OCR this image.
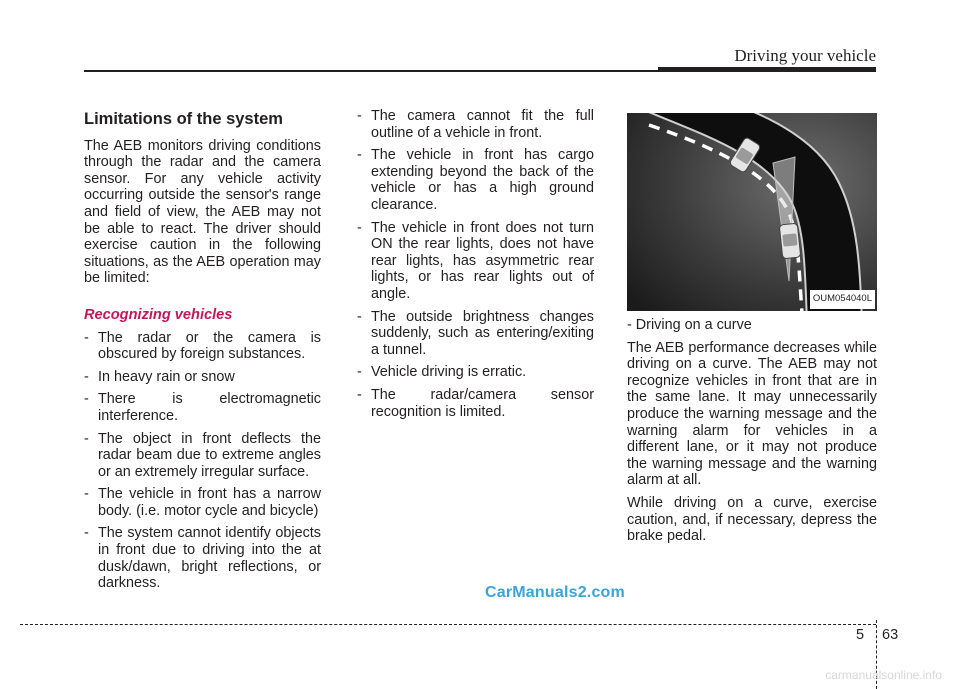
Driving your vehicle
Limitations of the system

The AEB monitors driving conditions through the radar and the camera sensor. For any vehicle activity occurring outside the sensor's range and field of view, the AEB may not be able to react. The driver should exercise caution in the following situations, as the AEB operation may be limited:

Recognizing vehicles
- The radar or the camera is obscured by foreign substances.
- In heavy rain or snow
- There is electromagnetic interference.
- The object in front deflects the radar beam due to extreme angles or an extremely irregular surface.
- The vehicle in front has a narrow body. (i.e. motor cycle and bicycle)
- The system cannot identify objects in front due to driving into the at dusk/dawn, bright reflections, or darkness.
- The camera cannot fit the full outline of a vehicle in front.
- The vehicle in front has cargo extending beyond the back of the vehicle or has a high ground clearance.
- The vehicle in front does not turn ON the rear lights, does not have rear lights, has asymmetric rear lights, or has rear lights out of angle.
- The outside brightness changes suddenly, such as entering/exiting a tunnel.
- Vehicle driving is erratic.
- The radar/camera sensor recognition is limited.
OUM054040L

- Driving on a curve

The AEB performance decreases while driving on a curve. The AEB may not recognize vehicles in front that are in the same lane. It may unnecessarily produce the warning message and the warning alarm for vehicles in a different lane, or it may not produce the warning message and the warning alarm at all.

While driving on a curve, exercise caution, and, if necessary, depress the brake pedal.

CarManuals2.com
5 63
carmanualsonline.info
